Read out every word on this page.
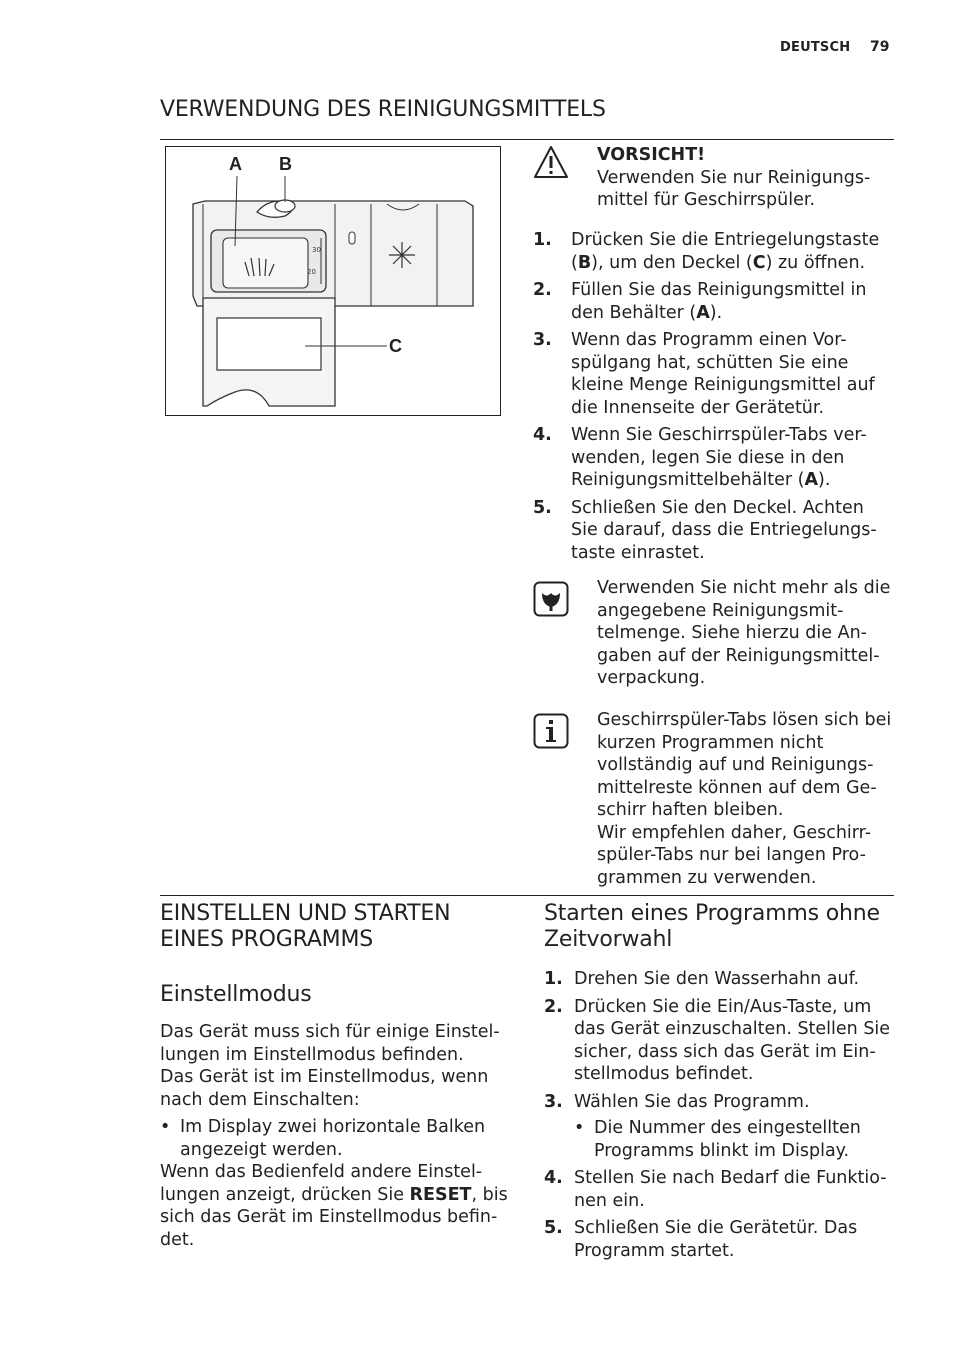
DEUTSCH 79
VERWENDUNG DES REINIGUNGSMITTELS
30
20
A B
C
VORSICHT!
Verwenden Sie nur Reinigungs-mittel für Geschirrspüler.
1. Drücken Sie die Entriegelungstaste (B), um den Deckel (C) zu öffnen.
2. Füllen Sie das Reinigungsmittel in den Behälter (A).
3. Wenn das Programm einen Vor-spülgang hat, schütten Sie eine kleine Menge Reinigungsmittel auf die Innenseite der Gerätetür.
4. Wenn Sie Geschirrspüler-Tabs ver-wenden, legen Sie diese in den Reinigungsmittelbehälter (A).
5. Schließen Sie den Deckel. Achten Sie darauf, dass die Entriegelungs-taste einrastet.
Verwenden Sie nicht mehr als die angegebene Reinigungsmit-telmenge. Siehe hierzu die An-gaben auf der Reinigungsmittel-verpackung.
Geschirrspüler-Tabs lösen sich bei kurzen Programmen nicht vollständig auf und Reinigungs-mittelreste können auf dem Ge-schirr haften bleiben.
Wir empfehlen daher, Geschirr-spüler-Tabs nur bei langen Pro-grammen zu verwenden.
EINSTELLEN UND STARTEN
EINES PROGRAMMS
Einstellmodus
Das Gerät muss sich für einige Einstel-lungen im Einstellmodus befinden.
Das Gerät ist im Einstellmodus, wenn nach dem Einschalten:
• Im Display zwei horizontale Balken angezeigt werden.
Wenn das Bedienfeld andere Einstel-lungen anzeigt, drücken Sie RESET, bis sich das Gerät im Einstellmodus befin-det.
Starten eines Programms ohne
Zeitvorwahl
1. Drehen Sie den Wasserhahn auf.
2. Drücken Sie die Ein/Aus-Taste, um das Gerät einzuschalten. Stellen Sie sicher, dass sich das Gerät im Ein-stellmodus befindet.
3. Wählen Sie das Programm.
• Die Nummer des eingestellten Programms blinkt im Display.
4. Stellen Sie nach Bedarf die Funktio-nen ein.
5. Schließen Sie die Gerätetür. Das Programm startet.
